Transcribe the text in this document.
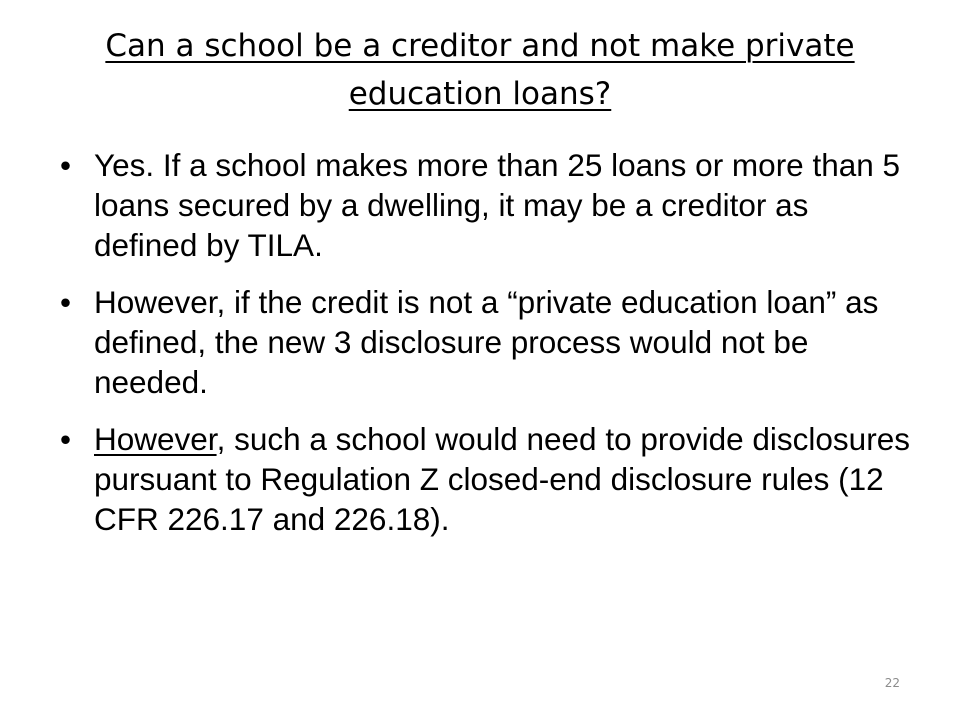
Can a school be a creditor and not make private education loans?
• Yes. If a school makes more than 25 loans or more than 5 loans secured by a dwelling, it may be a creditor as defined by TILA.
• However, if the credit is not a “private education loan” as defined, the new 3 disclosure process would not be needed.
• However, such a school would need to provide disclosures pursuant to Regulation Z closed-end disclosure rules (12 CFR 226.17 and 226.18).
22
